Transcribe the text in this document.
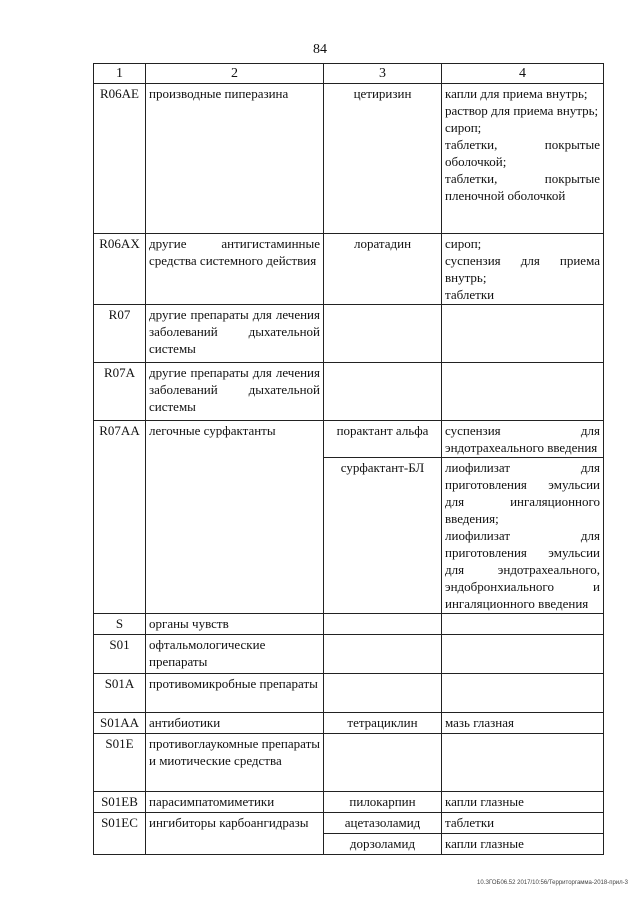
84
1	2	3	4
R06AE	производные пиперазина	цетиризин	капли для приема внутрь;
раствор для приема внутрь;
сироп;
таблетки, покрытые оболочкой;
таблетки, покрытые пленочной оболочкой

R06AX	другие антигистаминные средства системного действия	лоратадин	сироп;
суспензия для приема внутрь;
таблетки

R07	другие препараты для лечения заболеваний дыхательной системы		
R07A	другие препараты для лечения заболеваний дыхательной системы		
R07AA	легочные сурфактанты	порактант альфа	суспензия для эндотрахеального введения

		сурфактант-БЛ	лиофилизат для приготовления эмульсии для ингаляционного введения;
лиофилизат для приготовления эмульсии для эндотрахеального, эндобронхиального и ингаляционного введения

S	органы чувств		
S01	офтальмологические препараты		
S01A	противомикробные препараты		
S01AA	антибиотики	тетрациклин	мазь глазная

S01E	противоглаукомные препараты и миотические средства		
S01EB	парасимпатомиметики	пилокарпин	капли глазные

S01EC	ингибиторы карбоангидразы	ацетазоламид	таблетки

		дорзоламид	капли глазные
10.ЗГОБ06.52 2017/10:56/Территоргамма-2018-прил-3
